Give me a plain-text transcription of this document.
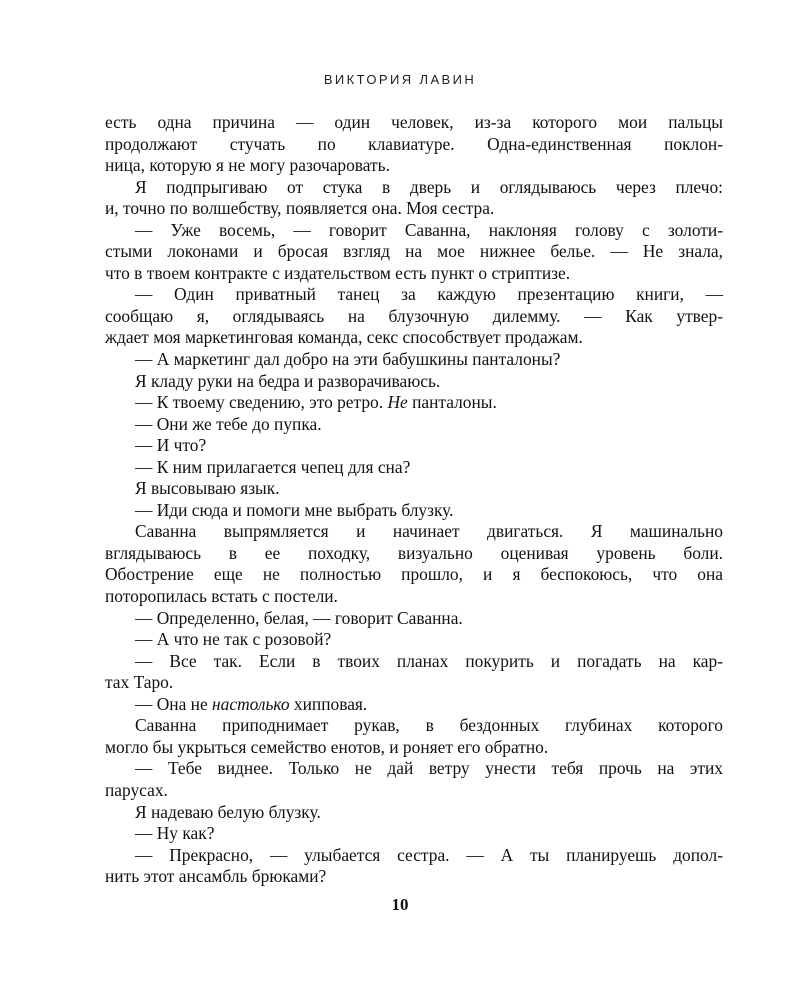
ВИКТОРИЯ ЛАВИН
есть одна причина — один человек, из-за которого мои пальцы
продолжают стучать по клавиатуре. Одна-единственная поклон-
ница, которую я не могу разочаровать.
Я подпрыгиваю от стука в дверь и оглядываюсь через плечо:
и, точно по волшебству, появляется она. Моя сестра.
— Уже восемь, — говорит Саванна, наклоняя голову с золоти-
стыми локонами и бросая взгляд на мое нижнее белье. — Не знала,
что в твоем контракте с издательством есть пункт о стриптизе.
— Один приватный танец за каждую презентацию книги, —
сообщаю я, оглядываясь на блузочную дилемму. — Как утвер-
ждает моя маркетинговая команда, секс способствует продажам.
— А маркетинг дал добро на эти бабушкины панталоны?
Я кладу руки на бедра и разворачиваюсь.
— К твоему сведению, это ретро. Не панталоны.
— Они же тебе до пупка.
— И что?
— К ним прилагается чепец для сна?
Я высовываю язык.
— Иди сюда и помоги мне выбрать блузку.
Саванна выпрямляется и начинает двигаться. Я машинально
вглядываюсь в ее походку, визуально оценивая уровень боли.
Обострение еще не полностью прошло, и я беспокоюсь, что она
поторопилась встать с постели.
— Определенно, белая, — говорит Саванна.
— А что не так с розовой?
— Все так. Если в твоих планах покурить и погадать на кар-
тах Таро.
— Она не настолько хипповая.
Саванна приподнимает рукав, в бездонных глубинах которого
могло бы укрыться семейство енотов, и роняет его обратно.
— Тебе виднее. Только не дай ветру унести тебя прочь на этих
парусах.
Я надеваю белую блузку.
— Ну как?
— Прекрасно, — улыбается сестра. — А ты планируешь допол-
нить этот ансамбль брюками?
10
